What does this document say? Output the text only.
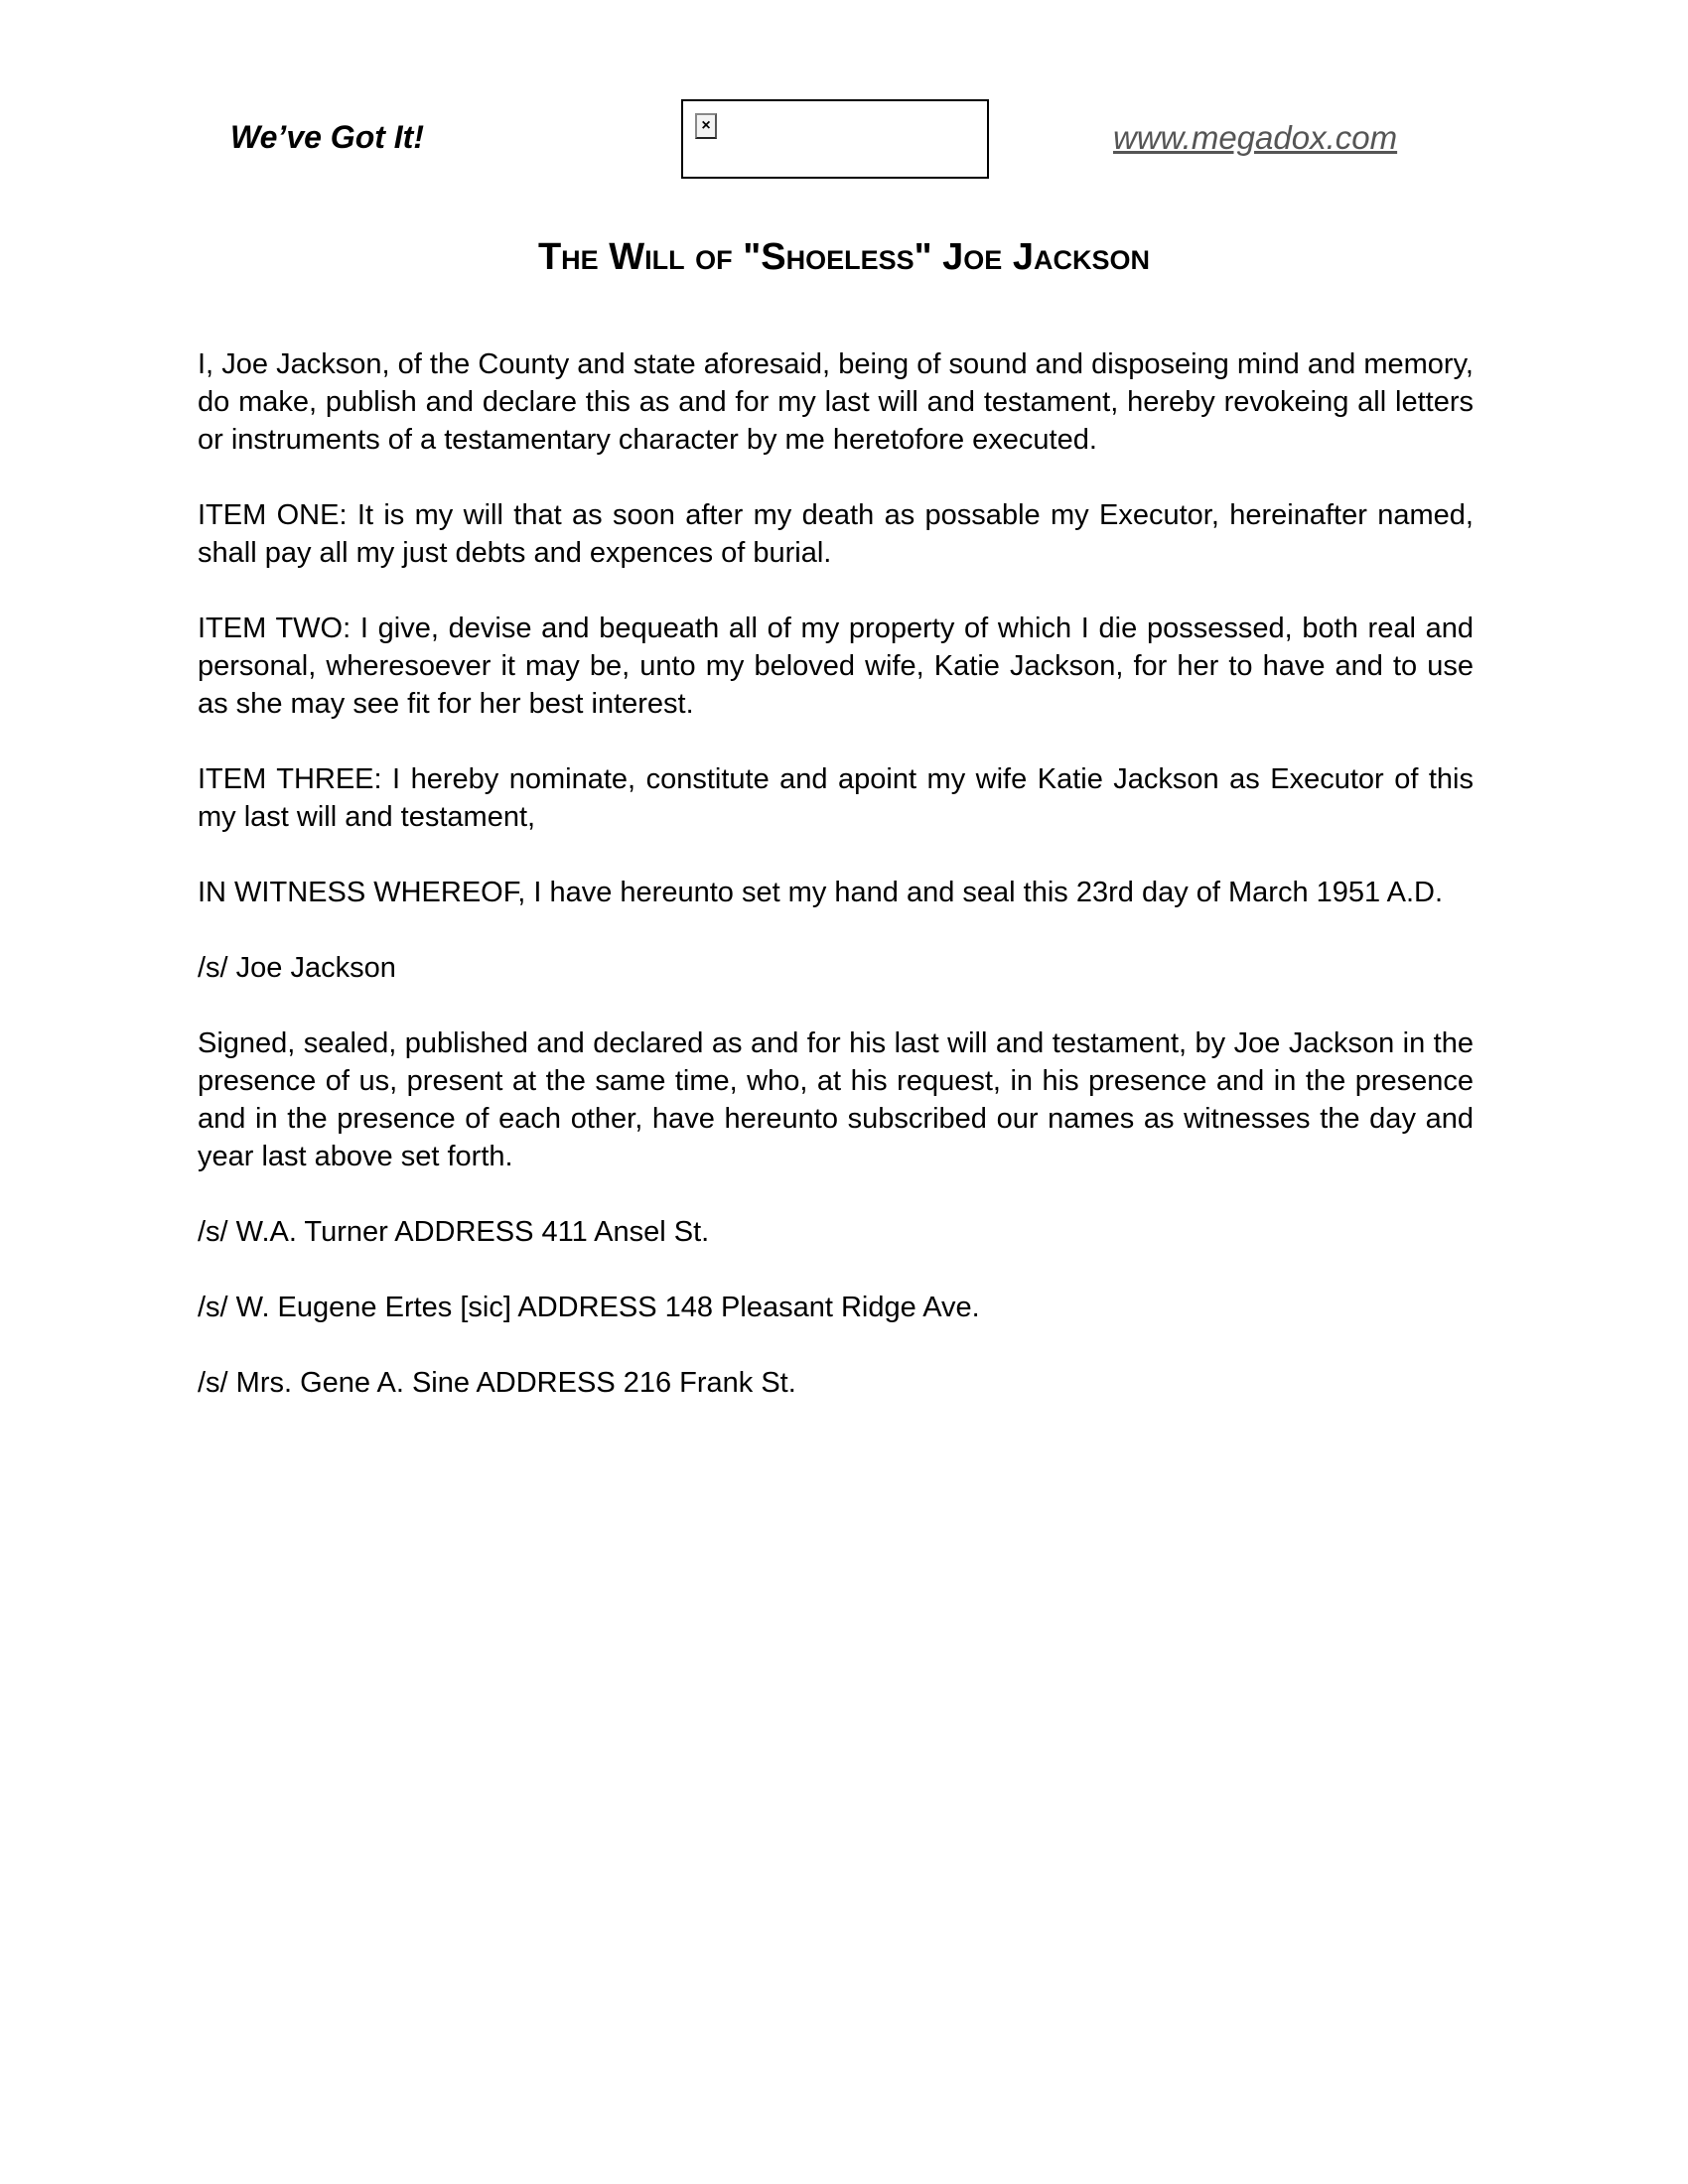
We’ve Got It!	×	www.megadox.com
The Will of "Shoeless" Joe Jackson

I, Joe Jackson, of the County and state aforesaid, being of sound and disposeing mind and memory, do make, publish and declare this as and for my last will and testament, hereby revokeing all letters or instruments of a testamentary character by me heretofore executed.

ITEM ONE: It is my will that as soon after my death as possable my Executor, hereinafter named, shall pay all my just debts and expences of burial.

ITEM TWO: I give, devise and bequeath all of my property of which I die possessed, both real and personal, wheresoever it may be, unto my beloved wife, Katie Jackson, for her to have and to use as she may see fit for her best interest.

ITEM THREE: I hereby nominate, constitute and apoint my wife Katie Jackson as Executor of this my last will and testament,

IN WITNESS WHEREOF, I have hereunto set my hand and seal this 23rd day of March 1951 A.D.

/s/ Joe Jackson

Signed, sealed, published and declared as and for his last will and testament, by Joe Jackson in the presence of us, present at the same time, who, at his request, in his presence and in the presence and in the presence of each other, have hereunto subscribed our names as witnesses the day and year last above set forth.

/s/ W.A. Turner ADDRESS 411 Ansel St.

/s/ W. Eugene Ertes [sic] ADDRESS 148 Pleasant Ridge Ave.

/s/ Mrs. Gene A. Sine ADDRESS 216 Frank St.
